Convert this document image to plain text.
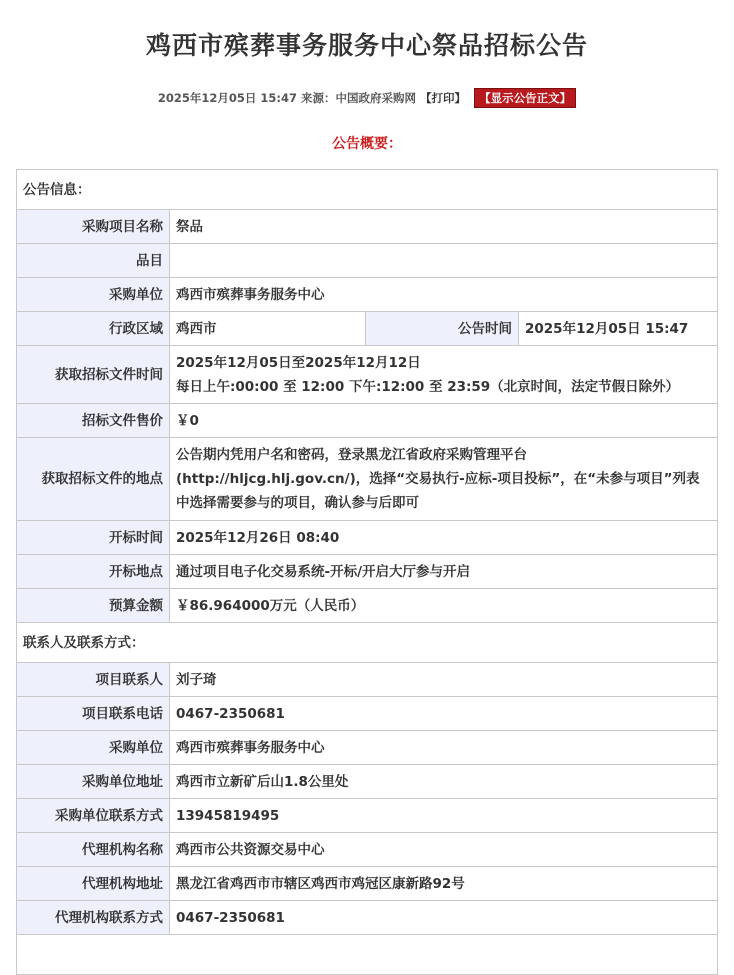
鸡西市殡葬事务服务中心祭品招标公告
2025年12月05日 15:47 来源：中国政府采购网 【打印】 【显示公告正文】
公告概要：
公告信息：			
采购项目名称	祭品		
品目			
采购单位	鸡西市殡葬事务服务中心		
行政区域	鸡西市	公告时间	2025年12月05日 15:47
获取招标文件时间	2025年12月05日至2025年12月12日
每日上午:00:00 至 12:00 下午:12:00 至 23:59（北京时间，法定节假日除外）		

招标文件售价	￥0		
获取招标文件的地点	公告期内凭用户名和密码，登录黑龙江省政府采购管理平台(http://hljcg.hlj.gov.cn/)，选择“交易执行-应标-项目投标”，在“未参与项目”列表中选择需要参与的项目，确认参与后即可		
开标时间	2025年12月26日 08:40		
开标地点	通过项目电子化交易系统-开标/开启大厅参与开启		
预算金额	￥86.964000万元（人民币）		
联系人及联系方式：			
项目联系人	刘子琦		
项目联系电话	0467-2350681		
采购单位	鸡西市殡葬事务服务中心		
采购单位地址	鸡西市立新矿后山1.8公里处		
采购单位联系方式	13945819495		
代理机构名称	鸡西市公共资源交易中心		
代理机构地址	黑龙江省鸡西市市辖区鸡西市鸡冠区康新路92号		
代理机构联系方式	0467-2350681		
